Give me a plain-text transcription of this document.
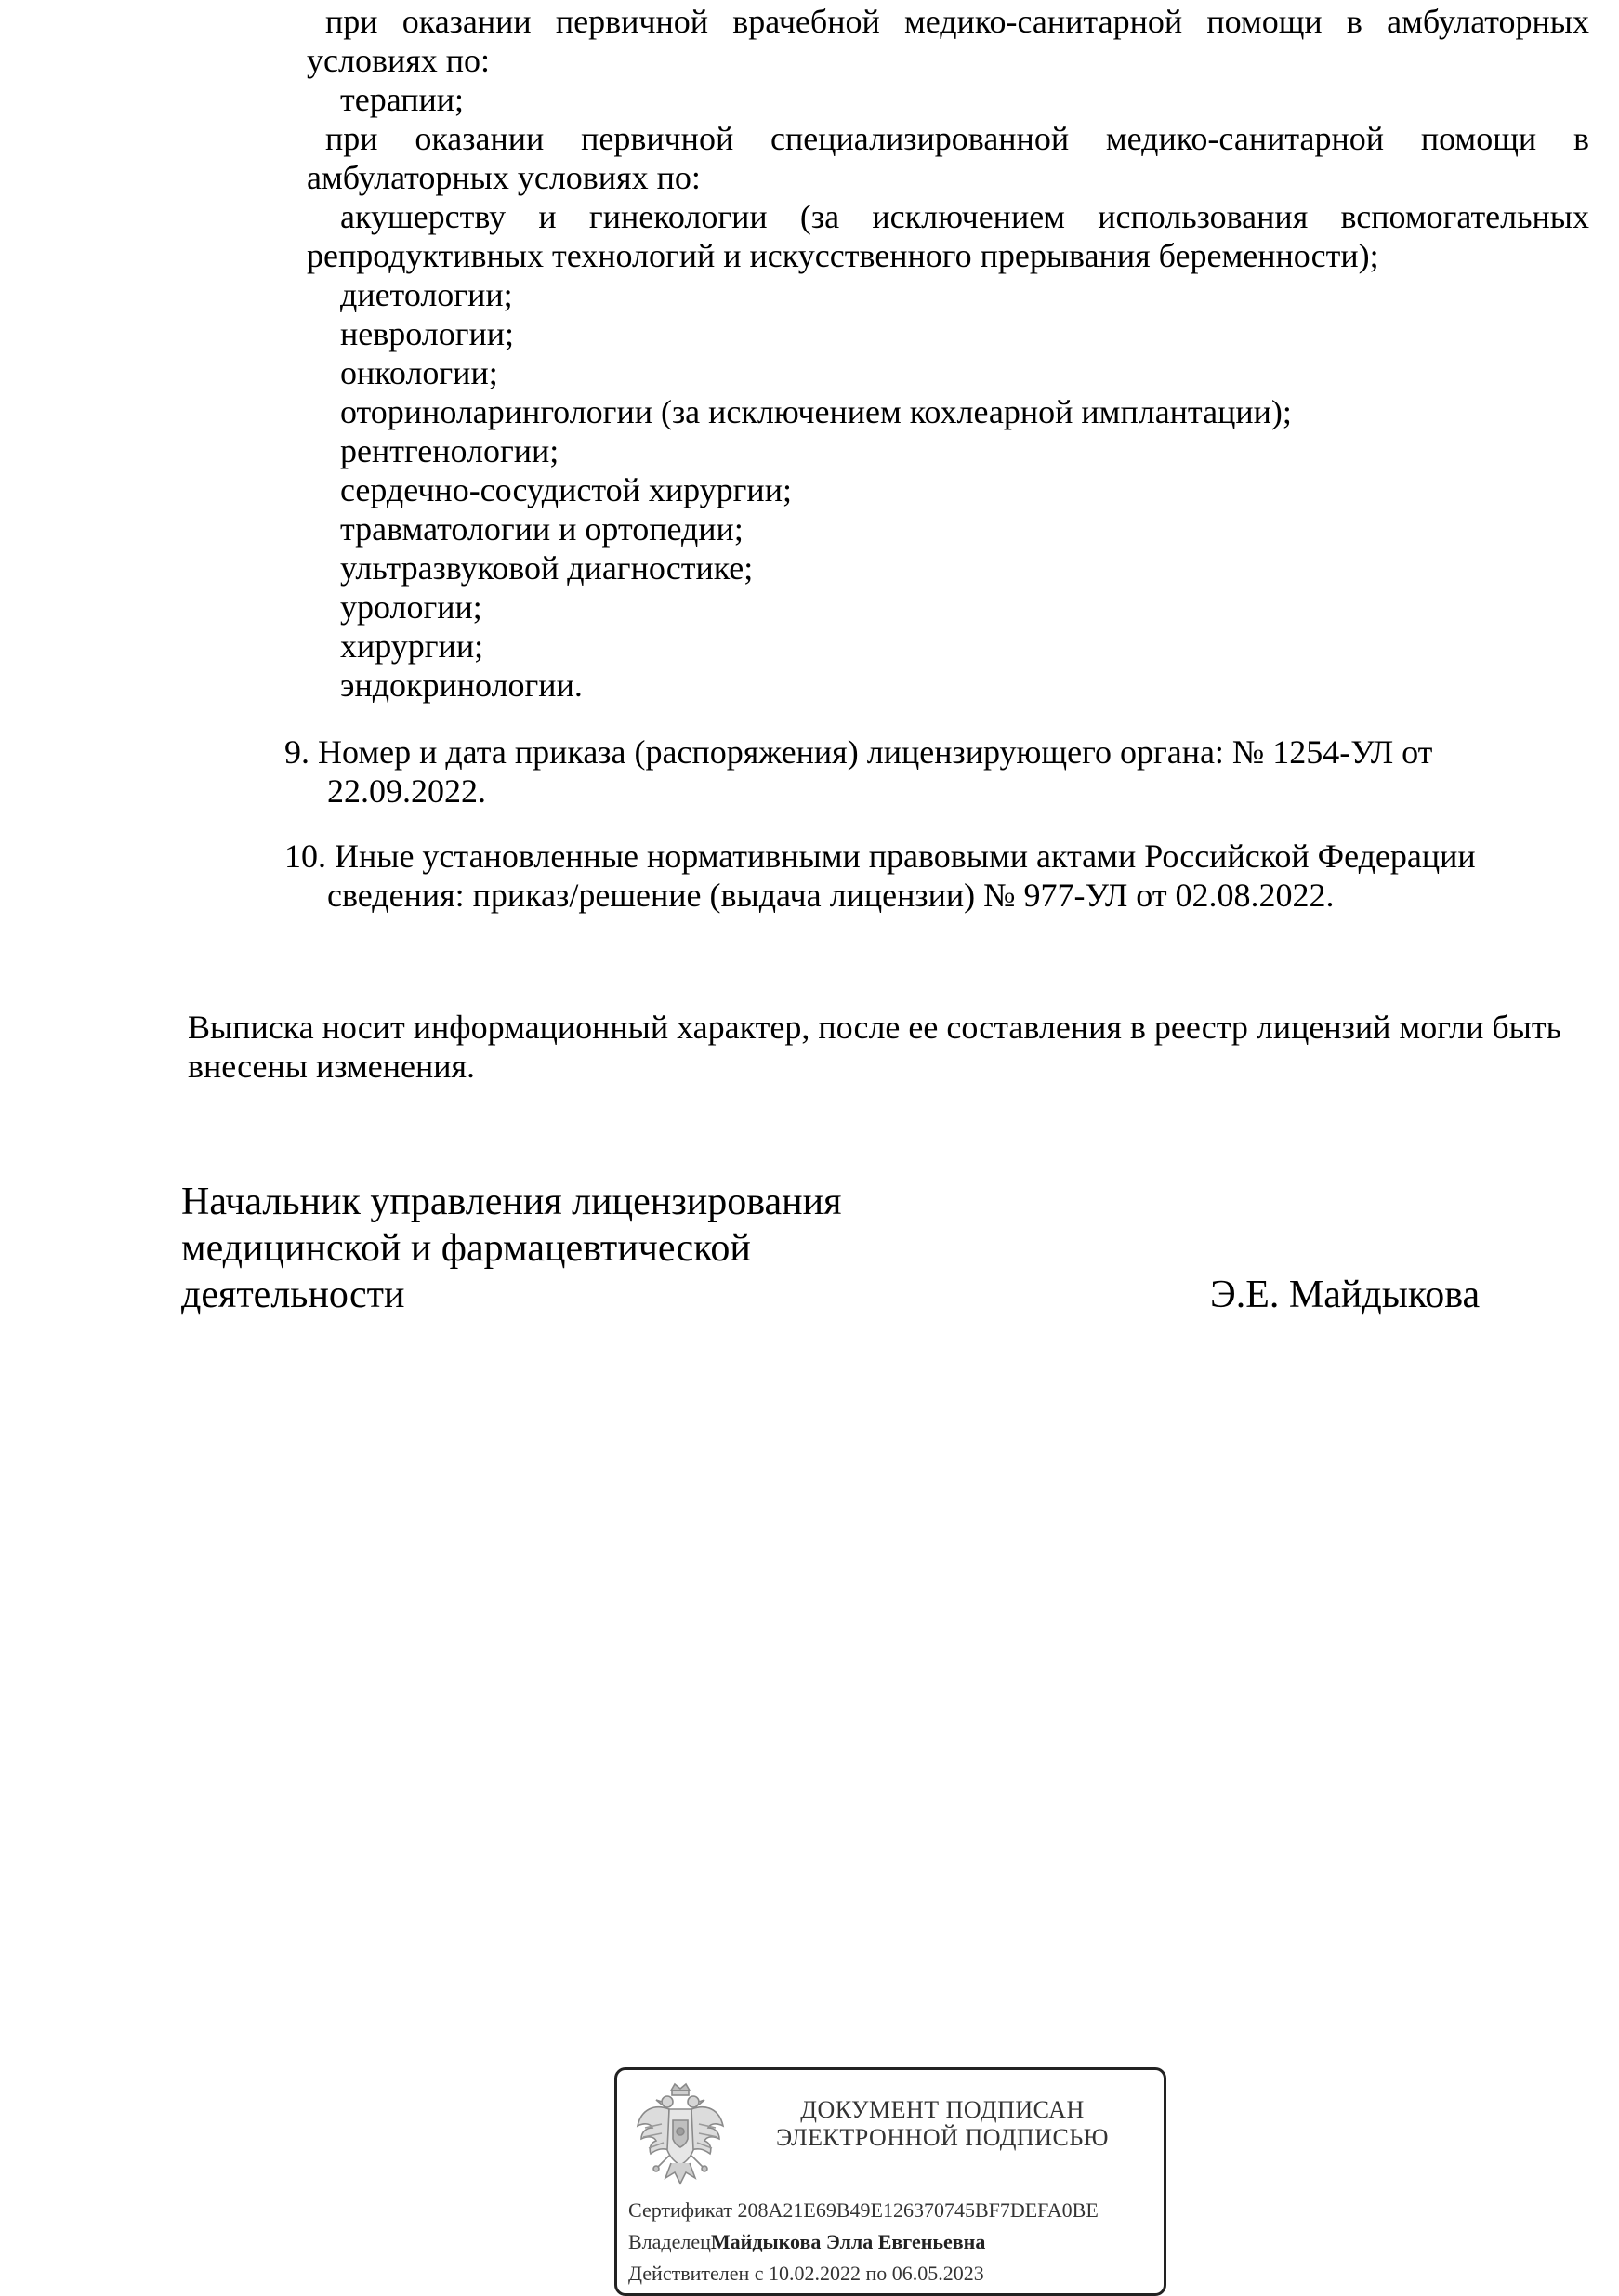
при оказании первичной врачебной медико-санитарной помощи в амбулаторных
условиях по:

терапии;

при оказании первичной специализированной медико-санитарной помощи в
амбулаторных условиях по:

акушерству и гинекологии (за исключением использования вспомогательных
репродуктивных технологий и искусственного прерывания беременности);

диетологии;
неврологии;
онкологии;
оториноларингологии (за исключением кохлеарной имплантации);
рентгенологии;
сердечно-сосудистой хирургии;
травматологии и ортопедии;
ультразвуковой диагностике;
урологии;
хирургии;
эндокринологии.
9. Номер и дата приказа (распоряжения) лицензирующего органа: № 1254-УЛ от
22.09.2022.
10. Иные установленные нормативными правовыми актами Российской Федерации
сведения: приказ/решение (выдача лицензии) № 977-УЛ от 02.08.2022.

Выписка носит информационный характер, после ее составления в реестр лицензий могли быть
внесены изменения.

Начальник управления лицензирования
медицинской и фармацевтической
деятельности	Э.Е. Майдыкова
ДОКУМЕНТ ПОДПИСАН
ЭЛЕКТРОННОЙ ПОДПИСЬЮ
Сертификат 208A21E69B49E126370745BF7DEFA0BE
ВладелецМайдыкова Элла Евгеньевна
Действителен с 10.02.2022 по 06.05.2023
